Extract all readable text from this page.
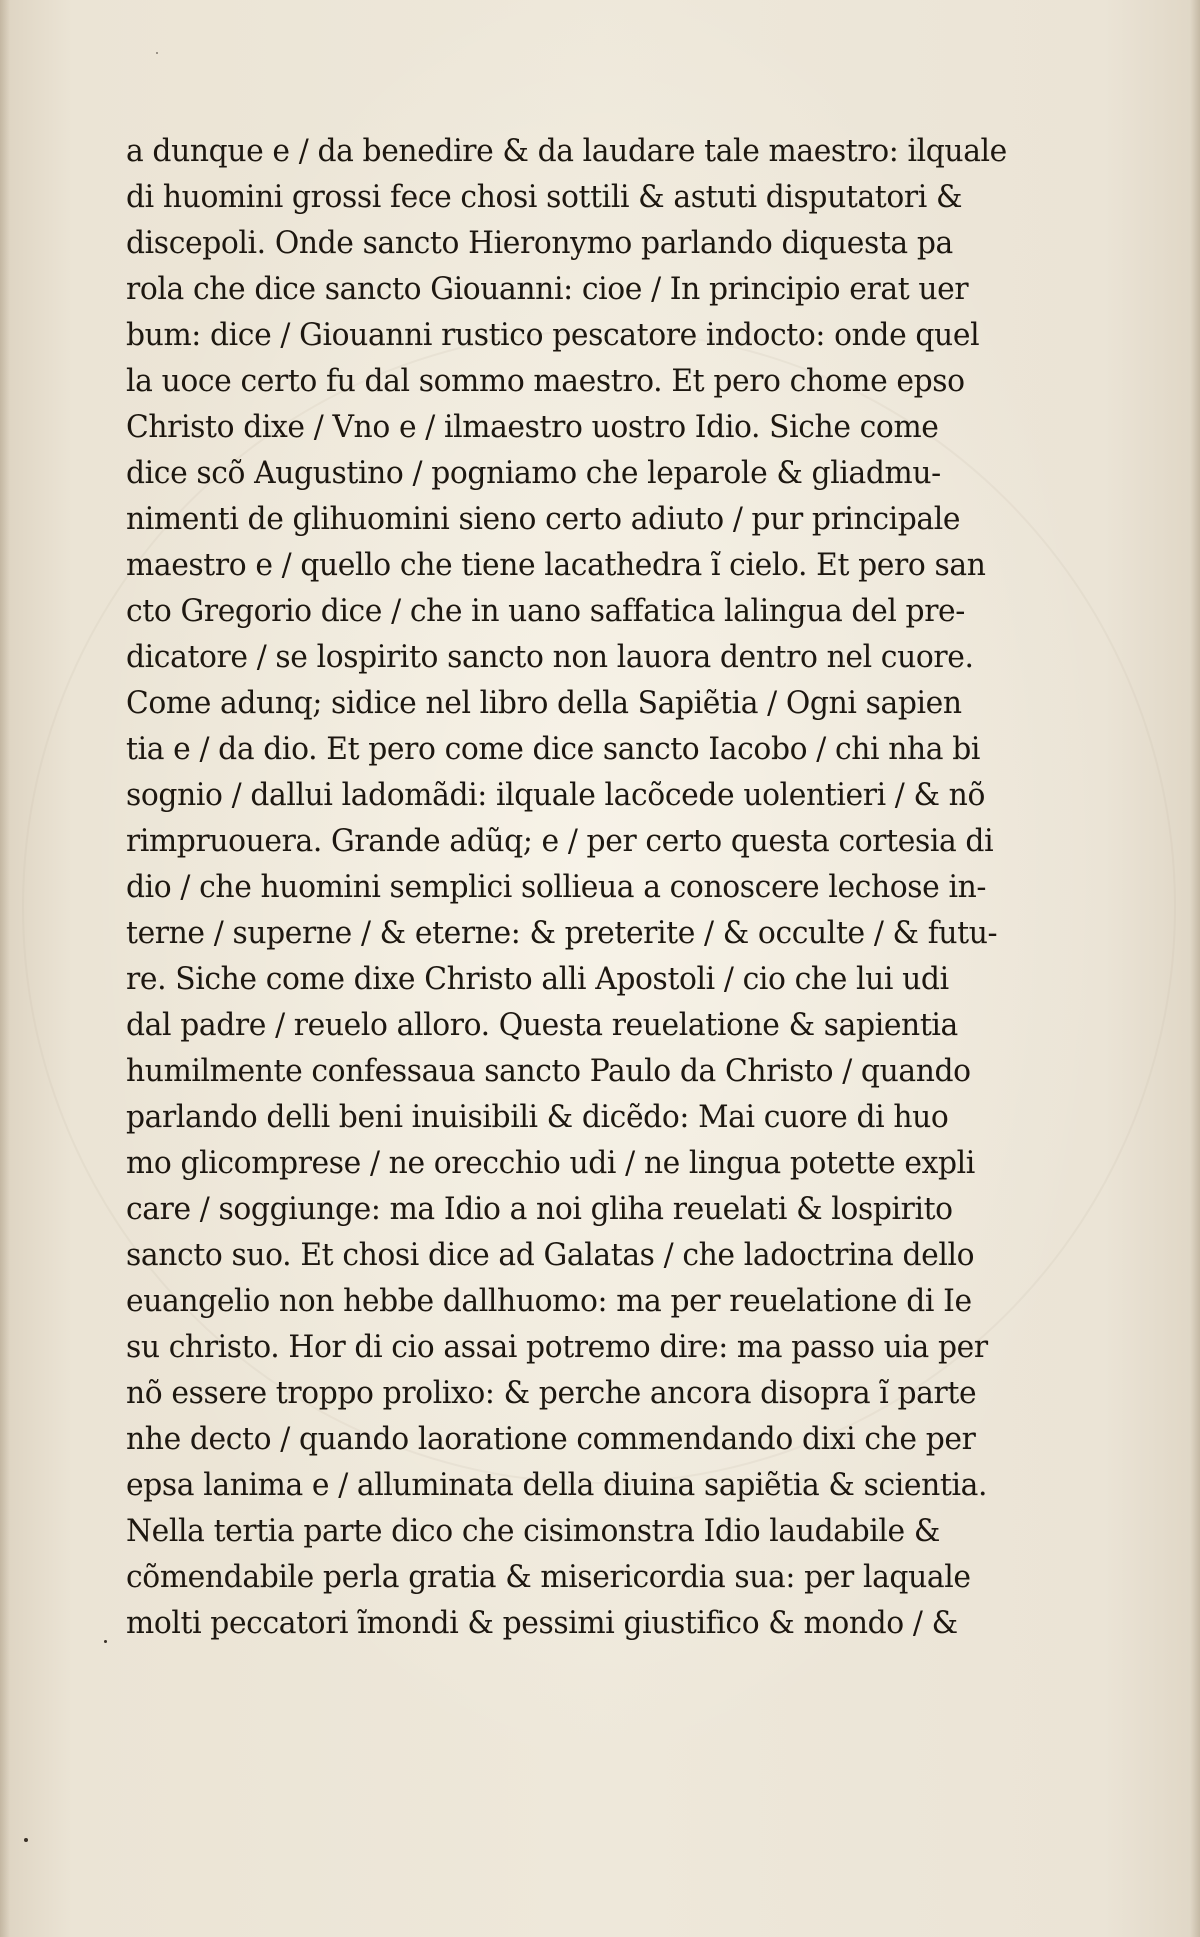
a dunque e / da benedire & da laudare tale maestro: ilquale
di huomini grossi fece chosi sottili & astuti disputatori &
discepoli. Onde sancto Hieronymo parlando diquesta pa
rola che dice sancto Giouanni: cioe / In principio erat uer
bum: dice / Giouanni rustico pescatore indocto: onde quel
la uoce certo fu dal sommo maestro. Et pero chome epso
Christo dixe / Vno e / ilmaestro uostro Idio. Siche come
dice scõ Augustino / pogniamo che leparole & gliadmu-
nimenti de glihuomini sieno certo adiuto / pur principale
maestro e / quello che tiene lacathedra ĩ cielo. Et pero san
cto Gregorio dice / che in uano saffatica lalingua del pre-
dicatore / se lospirito sancto non lauora dentro nel cuore.
Come adunq; sidice nel libro della Sapiẽtia / Ogni sapien
tia e / da dio. Et pero come dice sancto Iacobo / chi nha bi
sognio / dallui ladomãdi: ilquale lacõcede uolentieri / & nõ
rimpruouera. Grande adũq; e / per certo questa cortesia di
dio / che huomini semplici sollieua a conoscere lechose in-
terne / superne / & eterne: & preterite / & occulte / & futu-
re. Siche come dixe Christo alli Apostoli / cio che lui udi
dal padre / reuelo alloro. Questa reuelatione & sapientia
humilmente confessaua sancto Paulo da Christo / quando
parlando delli beni inuisibili & dicẽdo: Mai cuore di huo
mo glicomprese / ne orecchio udi / ne lingua potette expli
care / soggiunge: ma Idio a noi gliha reuelati & lospirito
sancto suo. Et chosi dice ad Galatas / che ladoctrina dello
euangelio non hebbe dallhuomo: ma per reuelatione di Ie
su christo. Hor di cio assai potremo dire: ma passo uia per
nõ essere troppo prolixo: & perche ancora disopra ĩ parte
nhe decto / quando laoratione commendando dixi che per
epsa lanima e / alluminata della diuina sapiẽtia & scientia.
Nella tertia parte dico che cisimonstra Idio laudabile &
cõmendabile perla gratia & misericordia sua: per laquale
molti peccatori ĩmondi & pessimi giustifico & mondo / &
